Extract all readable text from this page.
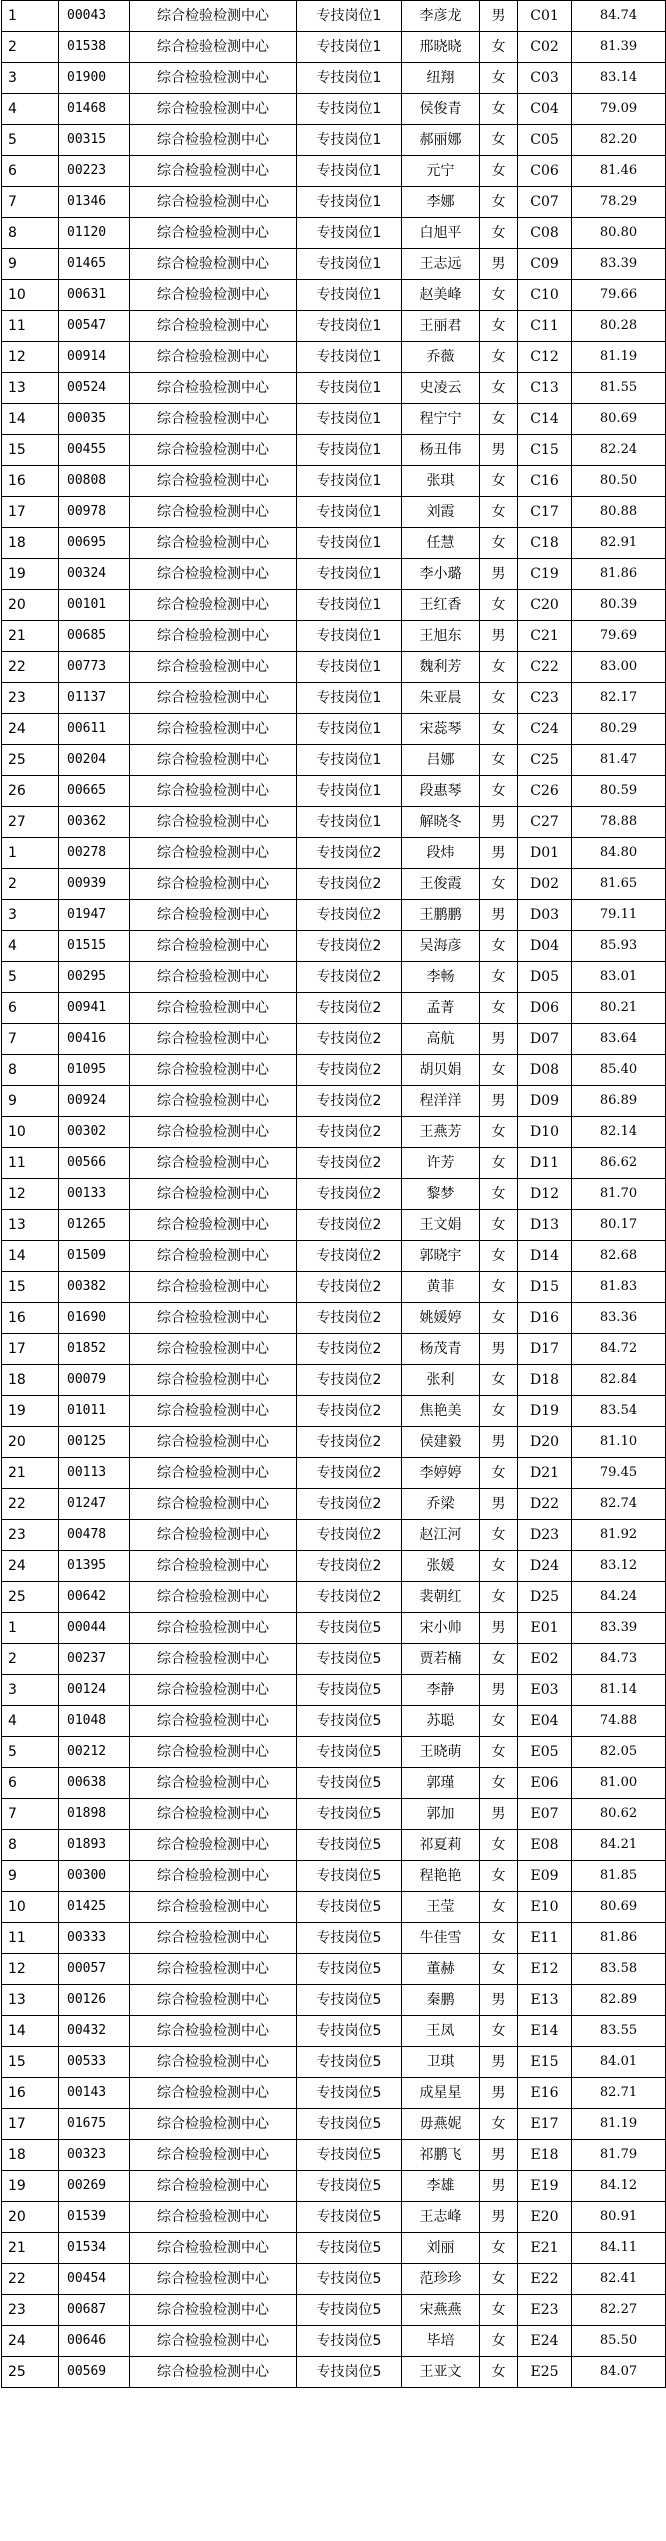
1	00043	综合检验检测中心	专技岗位1	李彦龙	男	C01	84.74
2	01538	综合检验检测中心	专技岗位1	邢晓晓	女	C02	81.39
3	01900	综合检验检测中心	专技岗位1	纽翔	女	C03	83.14
4	01468	综合检验检测中心	专技岗位1	侯俊青	女	C04	79.09
5	00315	综合检验检测中心	专技岗位1	郝丽娜	女	C05	82.20
6	00223	综合检验检测中心	专技岗位1	元宁	女	C06	81.46
7	01346	综合检验检测中心	专技岗位1	李娜	女	C07	78.29
8	01120	综合检验检测中心	专技岗位1	白旭平	女	C08	80.80
9	01465	综合检验检测中心	专技岗位1	王志远	男	C09	83.39
10	00631	综合检验检测中心	专技岗位1	赵美峰	女	C10	79.66
11	00547	综合检验检测中心	专技岗位1	王丽君	女	C11	80.28
12	00914	综合检验检测中心	专技岗位1	乔薇	女	C12	81.19
13	00524	综合检验检测中心	专技岗位1	史凌云	女	C13	81.55
14	00035	综合检验检测中心	专技岗位1	程宁宁	女	C14	80.69
15	00455	综合检验检测中心	专技岗位1	杨丑伟	男	C15	82.24
16	00808	综合检验检测中心	专技岗位1	张琪	女	C16	80.50
17	00978	综合检验检测中心	专技岗位1	刘霞	女	C17	80.88
18	00695	综合检验检测中心	专技岗位1	任慧	女	C18	82.91
19	00324	综合检验检测中心	专技岗位1	李小璐	男	C19	81.86
20	00101	综合检验检测中心	专技岗位1	王红香	女	C20	80.39
21	00685	综合检验检测中心	专技岗位1	王旭东	男	C21	79.69
22	00773	综合检验检测中心	专技岗位1	魏利芳	女	C22	83.00
23	01137	综合检验检测中心	专技岗位1	朱亚晨	女	C23	82.17
24	00611	综合检验检测中心	专技岗位1	宋蕊琴	女	C24	80.29
25	00204	综合检验检测中心	专技岗位1	吕娜	女	C25	81.47
26	00665	综合检验检测中心	专技岗位1	段惠琴	女	C26	80.59
27	00362	综合检验检测中心	专技岗位1	解晓冬	男	C27	78.88
1	00278	综合检验检测中心	专技岗位2	段炜	男	D01	84.80
2	00939	综合检验检测中心	专技岗位2	王俊霞	女	D02	81.65
3	01947	综合检验检测中心	专技岗位2	王鹏鹏	男	D03	79.11
4	01515	综合检验检测中心	专技岗位2	吴海彦	女	D04	85.93
5	00295	综合检验检测中心	专技岗位2	李畅	女	D05	83.01
6	00941	综合检验检测中心	专技岗位2	孟菁	女	D06	80.21
7	00416	综合检验检测中心	专技岗位2	高航	男	D07	83.64
8	01095	综合检验检测中心	专技岗位2	胡贝娟	女	D08	85.40
9	00924	综合检验检测中心	专技岗位2	程洋洋	男	D09	86.89
10	00302	综合检验检测中心	专技岗位2	王燕芳	女	D10	82.14
11	00566	综合检验检测中心	专技岗位2	许芳	女	D11	86.62
12	00133	综合检验检测中心	专技岗位2	黎梦	女	D12	81.70
13	01265	综合检验检测中心	专技岗位2	王文娟	女	D13	80.17
14	01509	综合检验检测中心	专技岗位2	郭晓宇	女	D14	82.68
15	00382	综合检验检测中心	专技岗位2	黄菲	女	D15	81.83
16	01690	综合检验检测中心	专技岗位2	姚媛婷	女	D16	83.36
17	01852	综合检验检测中心	专技岗位2	杨茂青	男	D17	84.72
18	00079	综合检验检测中心	专技岗位2	张利	女	D18	82.84
19	01011	综合检验检测中心	专技岗位2	焦艳美	女	D19	83.54
20	00125	综合检验检测中心	专技岗位2	侯建毅	男	D20	81.10
21	00113	综合检验检测中心	专技岗位2	李婷婷	女	D21	79.45
22	01247	综合检验检测中心	专技岗位2	乔梁	男	D22	82.74
23	00478	综合检验检测中心	专技岗位2	赵江河	女	D23	81.92
24	01395	综合检验检测中心	专技岗位2	张媛	女	D24	83.12
25	00642	综合检验检测中心	专技岗位2	裴朝红	女	D25	84.24
1	00044	综合检验检测中心	专技岗位5	宋小帅	男	E01	83.39
2	00237	综合检验检测中心	专技岗位5	贾若楠	女	E02	84.73
3	00124	综合检验检测中心	专技岗位5	李静	男	E03	81.14
4	01048	综合检验检测中心	专技岗位5	苏聪	女	E04	74.88
5	00212	综合检验检测中心	专技岗位5	王晓萌	女	E05	82.05
6	00638	综合检验检测中心	专技岗位5	郭瑾	女	E06	81.00
7	01898	综合检验检测中心	专技岗位5	郭加	男	E07	80.62
8	01893	综合检验检测中心	专技岗位5	祁夏莉	女	E08	84.21
9	00300	综合检验检测中心	专技岗位5	程艳艳	女	E09	81.85
10	01425	综合检验检测中心	专技岗位5	王莹	女	E10	80.69
11	00333	综合检验检测中心	专技岗位5	牛佳雪	女	E11	81.86
12	00057	综合检验检测中心	专技岗位5	董赫	女	E12	83.58
13	00126	综合检验检测中心	专技岗位5	秦鹏	男	E13	82.89
14	00432	综合检验检测中心	专技岗位5	王凤	女	E14	83.55
15	00533	综合检验检测中心	专技岗位5	卫琪	男	E15	84.01
16	00143	综合检验检测中心	专技岗位5	成星星	男	E16	82.71
17	01675	综合检验检测中心	专技岗位5	毋燕妮	女	E17	81.19
18	00323	综合检验检测中心	专技岗位5	祁鹏飞	男	E18	81.79
19	00269	综合检验检测中心	专技岗位5	李雄	男	E19	84.12
20	01539	综合检验检测中心	专技岗位5	王志峰	男	E20	80.91
21	01534	综合检验检测中心	专技岗位5	刘丽	女	E21	84.11
22	00454	综合检验检测中心	专技岗位5	范珍珍	女	E22	82.41
23	00687	综合检验检测中心	专技岗位5	宋燕燕	女	E23	82.27
24	00646	综合检验检测中心	专技岗位5	毕培	女	E24	85.50
25	00569	综合检验检测中心	专技岗位5	王亚文	女	E25	84.07
